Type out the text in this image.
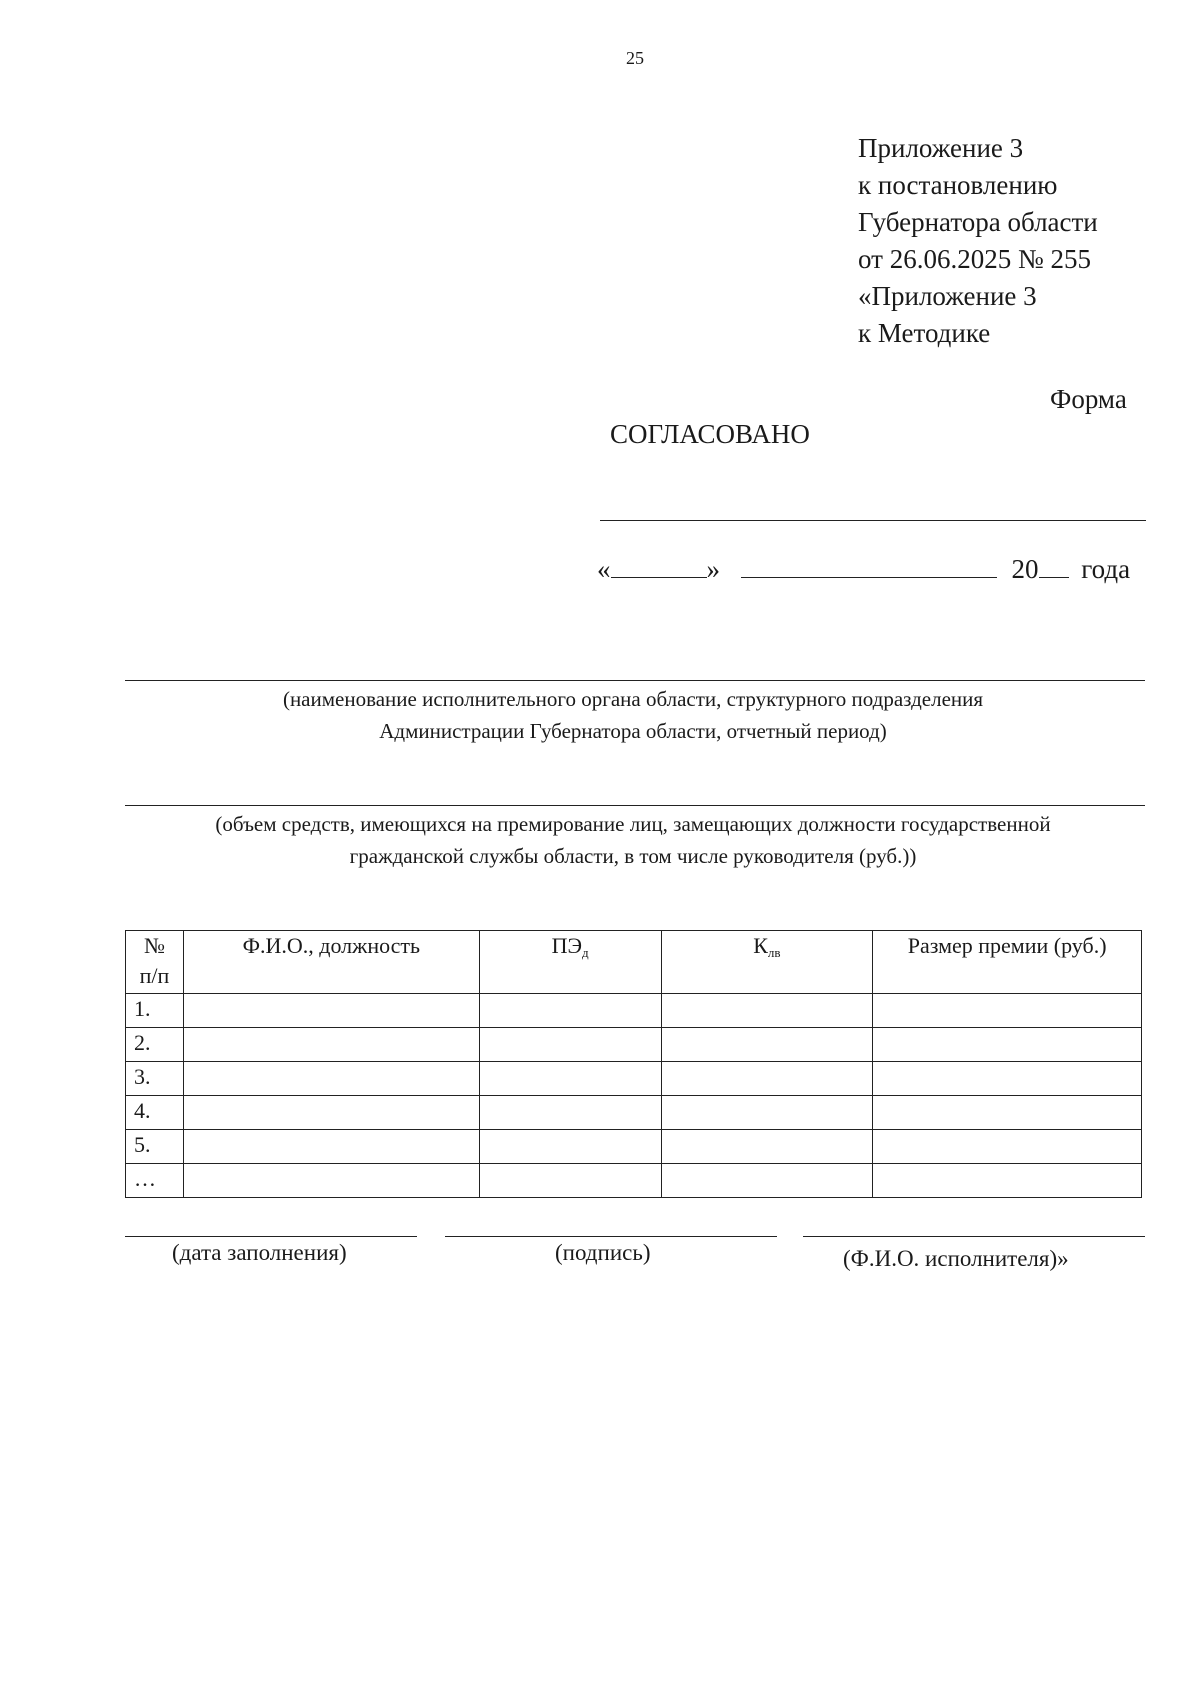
25
Приложение 3
к постановлению
Губернатора области
от 26.06.2025 № 255
«Приложение 3
к Методике
Форма
СОГЛАСОВАНО
«	»	20 года
(наименование исполнительного органа области, структурного подразделения
Администрации Губернатора области, отчетный период)
(объем средств, имеющихся на премирование лиц, замещающих должности государственной
гражданской службы области, в том числе руководителя (руб.))
№
п/п	Ф.И.О., должность	$ПЭ_д$	$К_{лв}$	Размер премии (руб.)
1.				
2.				
3.				
4.				
5.				
…				
(дата заполнения)	(подпись)	(Ф.И.О. исполнителя)»
